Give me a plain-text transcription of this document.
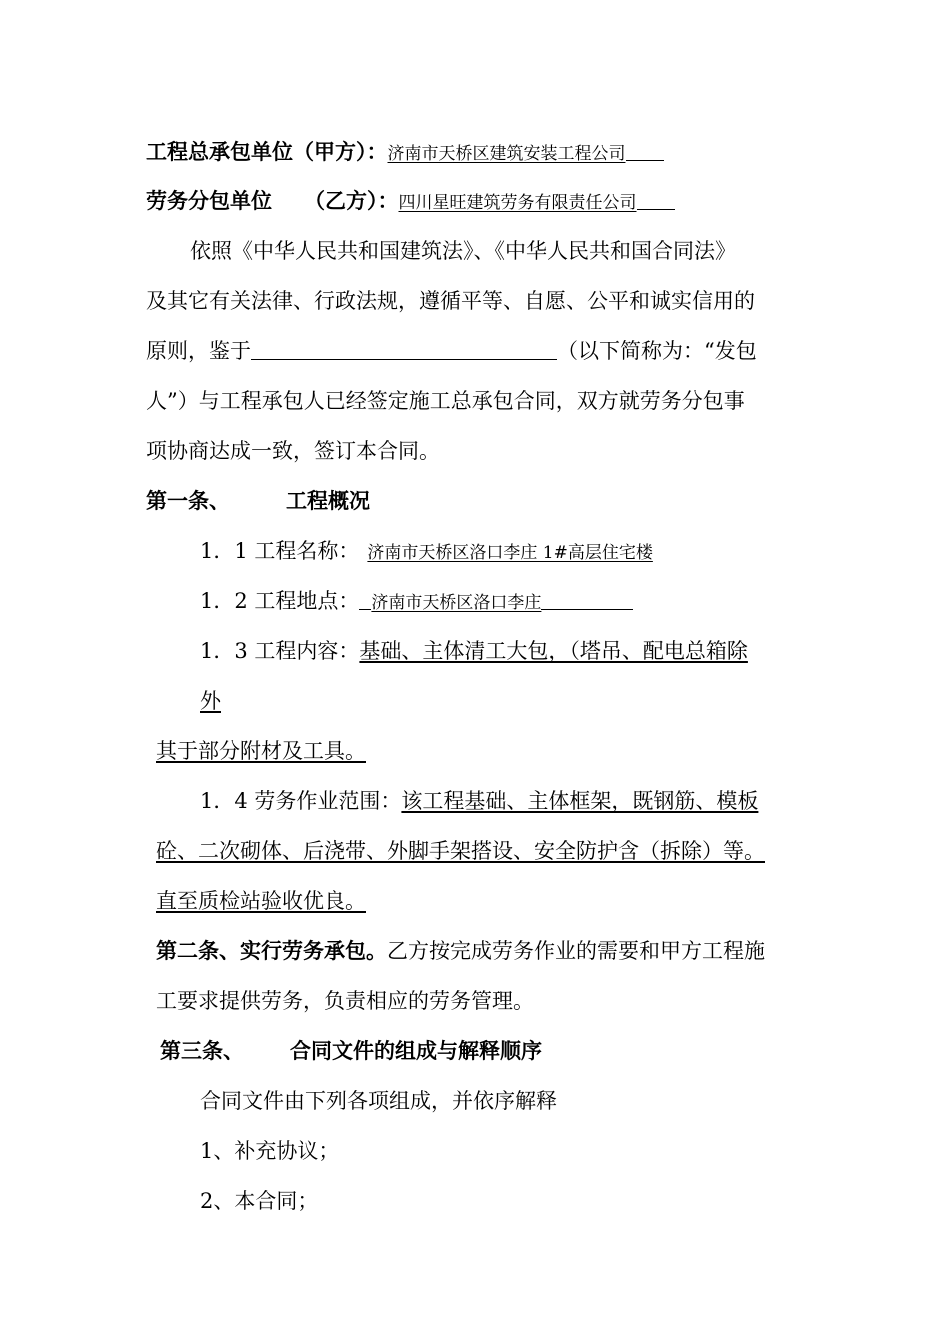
工程总承包单位（甲方）：济南市天桥区建筑安装工程公司
劳务分包单位 （乙方）：四川星旺建筑劳务有限责任公司
依照《中华人民共和国建筑法》、《中华人民共和国合同法》
及其它有关法律、行政法规，遵循平等、自愿、公平和诚实信用的
原则，鉴于	（以下简称为：“发包
人”）与工程承包人已经签定施工总承包合同，双方就劳务分包事
项协商达成一致，签订本合同。
第一条、	工程概况
1．1 工程名称： 济南市天桥区洛口李庄 1#高层住宅楼
1．2 工程地点： 济南市天桥区洛口李庄
1．3 工程内容：基础、主体清工大包，（塔吊、配电总箱除
外
其于部分附材及工具。
1．4 劳务作业范围：该工程基础、主体框架，既钢筋、模板
砼、二次砌体、后浇带、外脚手架搭设、安全防护含（拆除）等。
直至质检站验收优良。
第二条、实行劳务承包。乙方按完成劳务作业的需要和甲方工程施
工要求提供劳务，负责相应的劳务管理。
第三条、 合同文件的组成与解释顺序
合同文件由下列各项组成，并依序解释
1、补充协议；
2、本合同；
